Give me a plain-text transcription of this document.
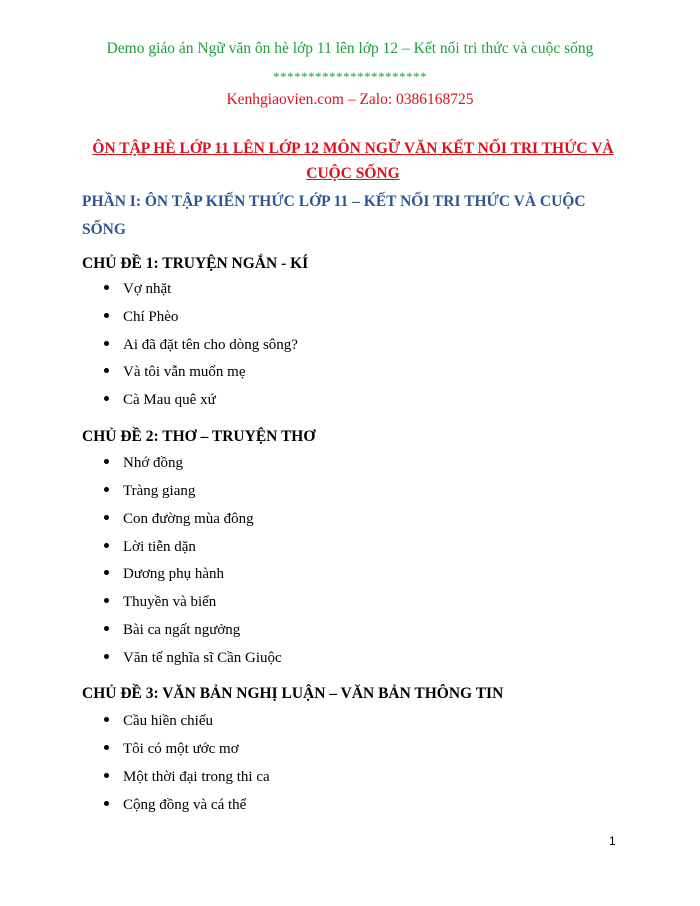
Demo giáo án Ngữ văn ôn hè lớp 11 lên lớp 12 – Kết nối tri thức và cuộc sống
**********************
Kenhgiaovien.com – Zalo: 0386168725
ÔN TẬP HÈ LỚP 11 LÊN LỚP 12 MÔN NGỮ VĂN KẾT NỐI TRI THỨC VÀ CUỘC SỐNG
PHẦN I: ÔN TẬP KIẾN THỨC LỚP 11 – KẾT NỐI TRI THỨC VÀ CUỘC SỐNG
CHỦ ĐỀ 1: TRUYỆN NGẮN - KÍ
Vợ nhặt
Chí Phèo
Ai đã đặt tên cho dòng sông?
Và tôi vẫn muốn mẹ
Cà Mau quê xứ
CHỦ ĐỀ 2: THƠ – TRUYỆN THƠ
Nhớ đồng
Tràng giang
Con đường mùa đông
Lời tiễn dặn
Dương phụ hành
Thuyền và biển
Bài ca ngất ngưởng
Văn tế nghĩa sĩ Cần Giuộc
CHỦ ĐỀ 3: VĂN BẢN NGHỊ LUẬN – VĂN BẢN THÔNG TIN
Cầu hiền chiếu
Tôi có một ước mơ
Một thời đại trong thi ca
Cộng đồng và cá thể
1
